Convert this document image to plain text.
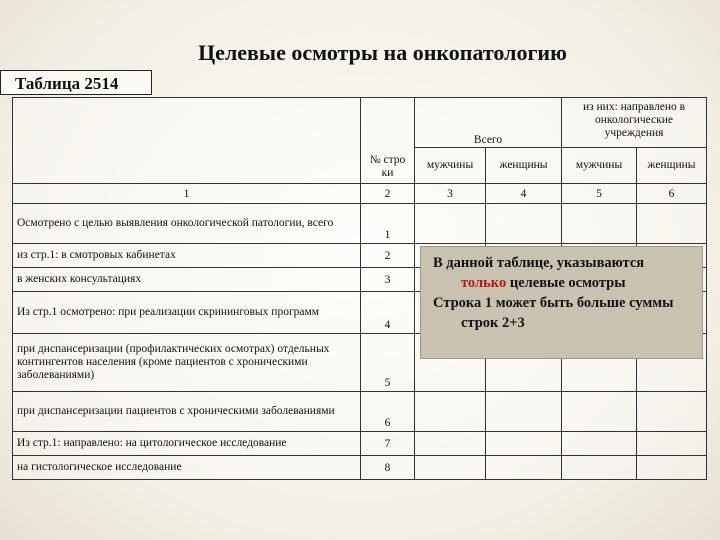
Целевые осмотры на онкопатологию
Таблица 2514
	№ стро ки	Всего		из них: направлено в онкологические учреждения	
		мужчины	женщины	мужчины	женщины
1	2	3	4	5	6
Осмотрено с целью выявления онкологической патологии, всего	1				
из стр.1: в смотровых кабинетах	2				
в женских консультациях	3				
Из стр.1 осмотрено: при реализации скрининговых программ	4				
при диспансеризации (профилактических осмотрах) отдельных контингентов населения (кроме пациентов с хроническими заболеваниями)	5				
при диспансеризации пациентов с хроническими заболеваниями	6				
Из стр.1: направлено: на цитологическое исследование	7				
на гистологическое исследование	8				
В данной таблице, указываются
только целевые осмотры
Строка 1 может быть больше суммы
строк 2+3
